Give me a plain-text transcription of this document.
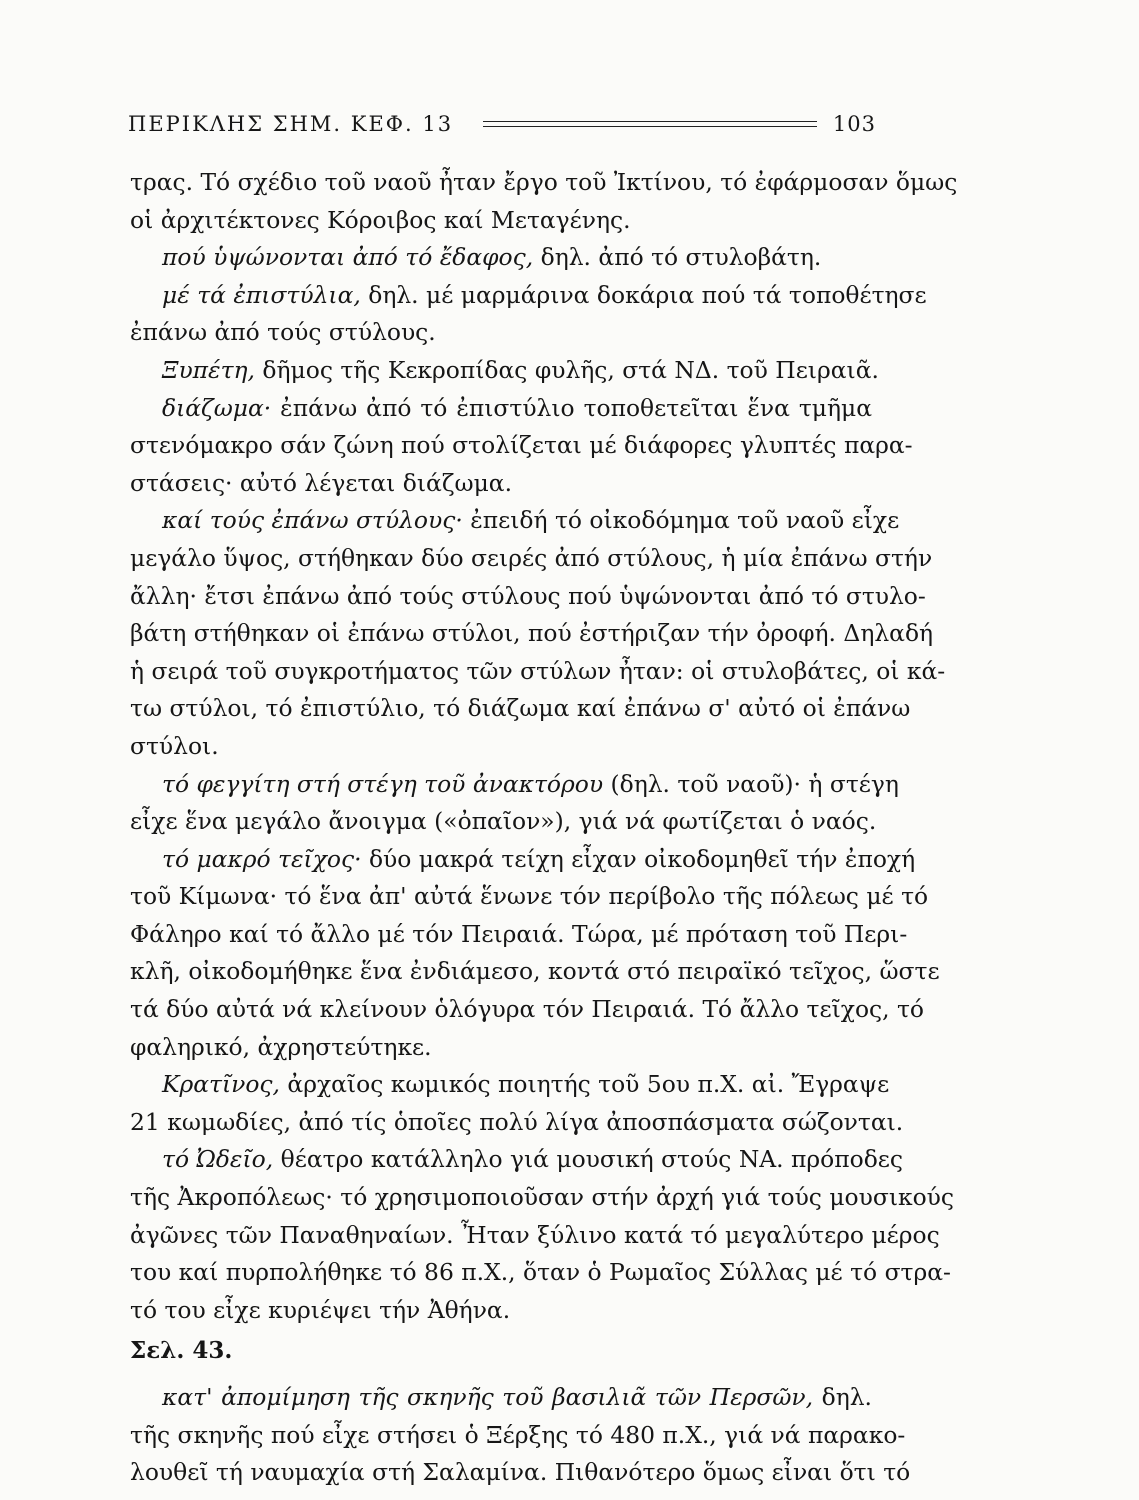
ΠΕΡΙΚΛΗΣ ΣΗΜ. ΚΕΦ. 13	103
τρας. Τό σχέδιο τοῦ ναοῦ ἦταν ἔργο τοῦ Ἰκτίνου, τό ἐφάρμοσαν ὅμως
οἱ ἀρχιτέκτονες Κόροιβος καί Μεταγένης.
πού ὑψώνονται ἀπό τό ἔδαφος, δηλ. ἀπό τό στυλοβάτη.
μέ τά ἐπιστύλια, δηλ. μέ μαρμάρινα δοκάρια πού τά τοποθέτησε
ἐπάνω ἀπό τούς στύλους.
Ξυπέτη, δῆμος τῆς Κεκροπίδας φυλῆς, στά ΝΔ. τοῦ Πειραιᾶ.
διάζωμα· ἐπάνω ἀπό τό ἐπιστύλιο τοποθετεῖται ἕνα τμῆμα
στενόμακρο σάν ζώνη πού στολίζεται μέ διάφορες γλυπτές παρα-
στάσεις· αὐτό λέγεται διάζωμα.
καί τούς ἐπάνω στύλους· ἐπειδή τό οἰκοδόμημα τοῦ ναοῦ εἶχε
μεγάλο ὕψος, στήθηκαν δύο σειρές ἀπό στύλους, ἡ μία ἐπάνω στήν
ἄλλη· ἔτσι ἐπάνω ἀπό τούς στύλους πού ὑψώνονται ἀπό τό στυλο-
βάτη στήθηκαν οἱ ἐπάνω στύλοι, πού ἐστήριζαν τήν ὀροφή. Δηλαδή
ἡ σειρά τοῦ συγκροτήματος τῶν στύλων ἦταν: οἱ στυλοβάτες, οἱ κά-
τω στύλοι, τό ἐπιστύλιο, τό διάζωμα καί ἐπάνω σ' αὐτό οἱ ἐπάνω
στύλοι.
τό φεγγίτη στή στέγη τοῦ ἀνακτόρου (δηλ. τοῦ ναοῦ)· ἡ στέγη
εἶχε ἕνα μεγάλο ἄνοιγμα («ὀπαῖον»), γιά νά φωτίζεται ὁ ναός.
τό μακρό τεῖχος· δύο μακρά τείχη εἶχαν οἰκοδομηθεῖ τήν ἐποχή
τοῦ Κίμωνα· τό ἕνα ἀπ' αὐτά ἕνωνε τόν περίβολο τῆς πόλεως μέ τό
Φάληρο καί τό ἄλλο μέ τόν Πειραιά. Τώρα, μέ πρόταση τοῦ Περι-
κλῆ, οἰκοδομήθηκε ἕνα ἐνδιάμεσο, κοντά στό πειραϊκό τεῖχος, ὥστε
τά δύο αὐτά νά κλείνουν ὁλόγυρα τόν Πειραιά. Τό ἄλλο τεῖχος, τό
φαληρικό, ἀχρηστεύτηκε.
Κρατῖνος, ἀρχαῖος κωμικός ποιητής τοῦ 5ου π.Χ. αἰ. Ἔγραψε
21 κωμωδίες, ἀπό τίς ὁποῖες πολύ λίγα ἀποσπάσματα σώζονται.
τό Ὠδεῖο, θέατρο κατάλληλο γιά μουσική στούς ΝΑ. πρόποδες
τῆς Ἀκροπόλεως· τό χρησιμοποιοῦσαν στήν ἀρχή γιά τούς μουσικούς
ἀγῶνες τῶν Παναθηναίων. Ἦταν ξύλινο κατά τό μεγαλύτερο μέρος
του καί πυρπολήθηκε τό 86 π.Χ., ὅταν ὁ Ρωμαῖος Σύλλας μέ τό στρα-
τό του εἶχε κυριέψει τήν Ἀθήνα.
Σελ. 43.
κατ' ἀπομίμηση τῆς σκηνῆς τοῦ βασιλιᾶ τῶν Περσῶν, δηλ.
τῆς σκηνῆς πού εἶχε στήσει ὁ Ξέρξης τό 480 π.Χ., γιά νά παρακο-
λουθεῖ τή ναυμαχία στή Σαλαμίνα. Πιθανότερο ὅμως εἶναι ὅτι τό
